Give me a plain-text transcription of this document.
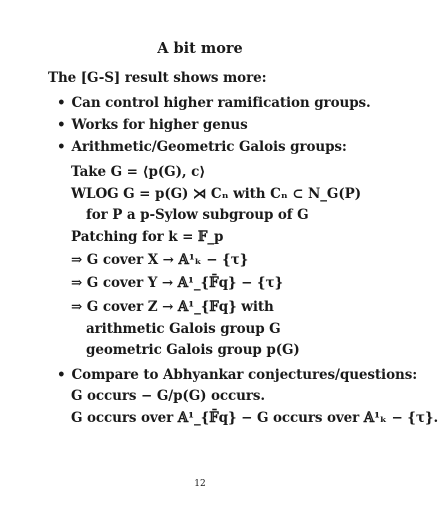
A bit more
The [G-S] result shows more:
• Can control higher ramification groups.
• Works for higher genus
• Arithmetic/Geometric Galois groups:
Take G = ⟨p(G), c⟩
WLOG G = p(G) ⋊ Cₙ with Cₙ ⊂ N_G(P)
for P a p-Sylow subgroup of G
Patching for k = 𝔽_p
⇒ G cover X → 𝔸¹ₖ − {τ}
⇒ G cover Y → 𝔸¹_{𝔽̄q} − {τ}
⇒ G cover Z → 𝔸¹_{𝔽q} with
arithmetic Galois group G
geometric Galois group p(G)
• Compare to Abhyankar conjectures/questions:
G occurs − G/p(G) occurs.
G occurs over 𝔸¹_{𝔽̄q} − G occurs over 𝔸¹ₖ − {τ}.
12
